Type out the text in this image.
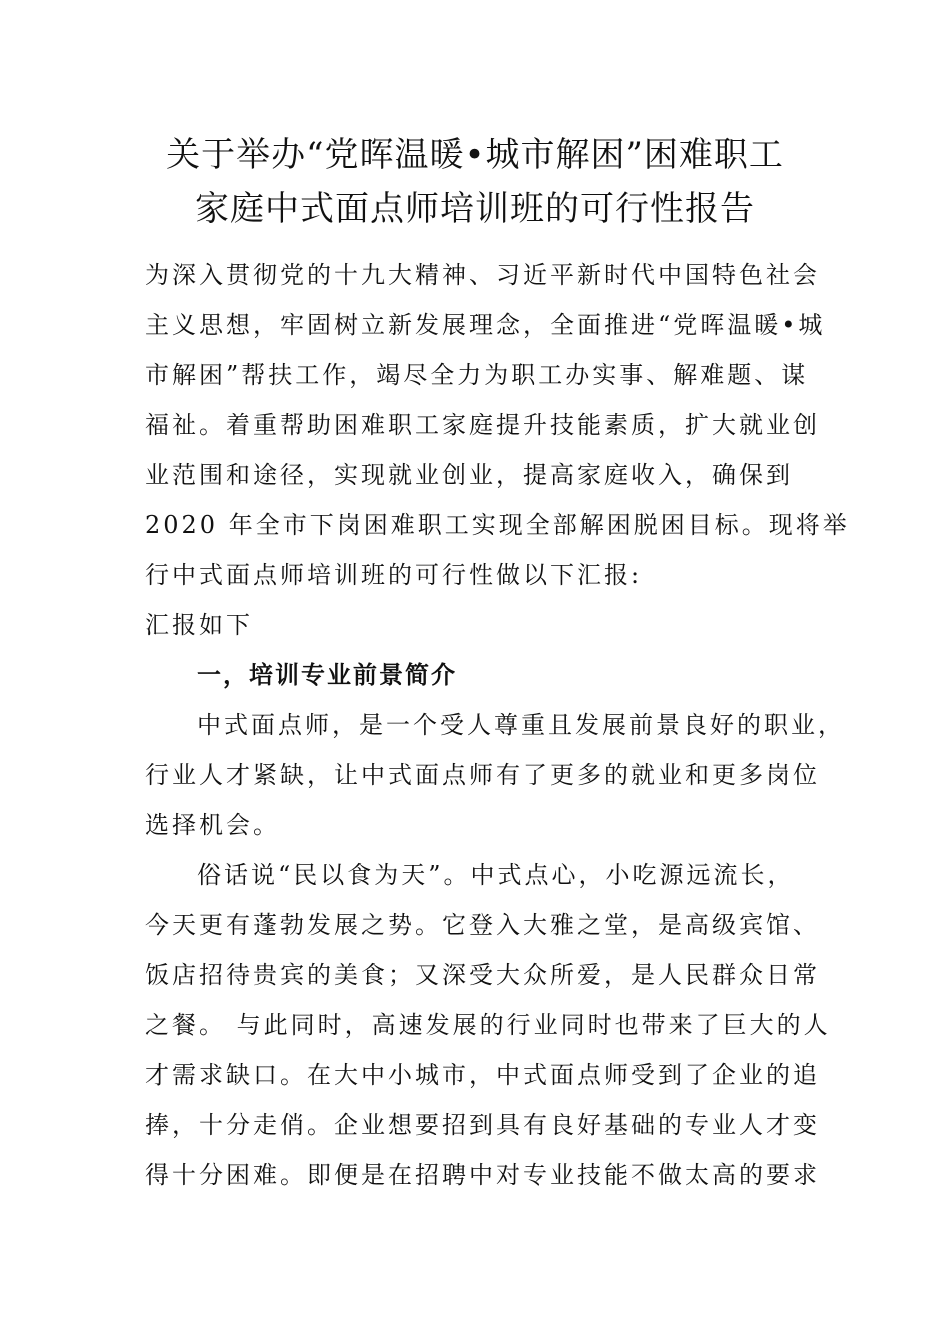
关于举办“党晖温暖•城市解困”困难职工
家庭中式面点师培训班的可行性报告

为深入贯彻党的十九大精神、习近平新时代中国特色社会

主义思想，牢固树立新发展理念，全面推进“党晖温暖•城

市解困”帮扶工作，竭尽全力为职工办实事、解难题、谋

福祉。着重帮助困难职工家庭提升技能素质，扩大就业创

业范围和途径，实现就业创业，提高家庭收入，确保到

2020 年全市下岗困难职工实现全部解困脱困目标。现将举

行中式面点师培训班的可行性做以下汇报:

汇报如下

一，培训专业前景简介

中式面点师，是一个受人尊重且发展前景良好的职业，

行业人才紧缺，让中式面点师有了更多的就业和更多岗位

选择机会。

俗话说“民以食为天”。中式点心，小吃源远流长，

今天更有蓬勃发展之势。它登入大雅之堂，是高级宾馆、

饭店招待贵宾的美食；又深受大众所爱，是人民群众日常

之餐。 与此同时，高速发展的行业同时也带来了巨大的人

才需求缺口。在大中小城市，中式面点师受到了企业的追

捧，十分走俏。企业想要招到具有良好基础的专业人才变

得十分困难。即便是在招聘中对专业技能不做太高的要求
